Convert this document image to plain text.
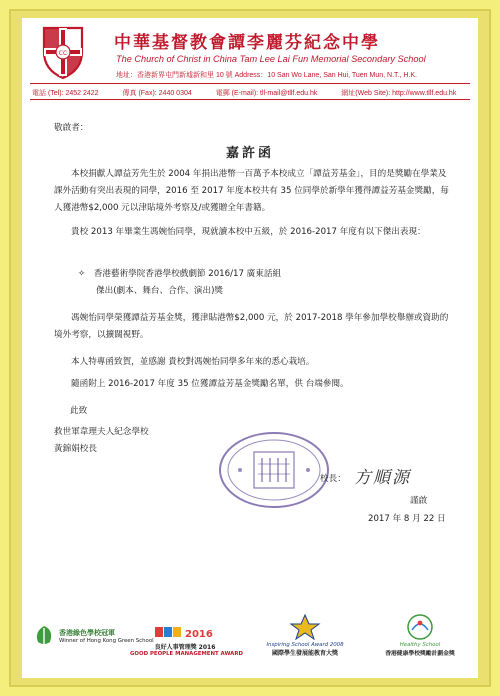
CC
中華基督教會譚李麗芬紀念中學
The Church of Christ in China Tam Lee Lai Fun Memorial Secondary School
地址：香港新界屯門新墟新和里 10 號 Address：10 San Wo Lane, San Hui, Tuen Mun, N.T., H.K.
電話 (Tel): 2452 2422	傳真 (Fax): 2440 0304	電郵 (E-mail): tll-mail@tllf.edu.hk	網址(Web Site): http://www.tllf.edu.hk
敬啟者：
嘉許函
本校捐獻人譚益芳先生於 2004 年捐出港幣一百萬予本校成立「譚益芳基金」，目的是獎勵在學業及課外活動有突出表現的同學，2016 至 2017 年度本校共有 35 位同學於新學年獲得譚益芳基金獎勵，每人獲港幣$2,000 元以津貼境外考察及/或獲贈全年書籍。
貴校 2013 年畢業生馮婉怡同學，現就讀本校中五級，於 2016-2017 年度有以下傑出表現：
✧　香港藝術學院香港學校戲劇節 2016/17 廣東話組
傑出(劇本、舞台、合作、演出)獎
馮婉怡同學榮獲譚益芳基金獎，獲津貼港幣$2,000 元，於 2017-2018 學年參加學校舉辦或資助的境外考察，以擴闊視野。
本人特專函致賀，並感謝 貴校對馮婉怡同學多年來的悉心栽培。
隨函附上 2016-2017 年度 35 位獲譚益芳基金獎勵名單，供 台端參閱。
此致
救世軍韋理夫人紀念學校
黃錦娟校長
校長： 方順源
謹啟
2017 年 8 月 22 日
香港綠色學校冠軍
Winner of Hong Kong Green School
2016
良好人事管理獎 2016
GOOD PEOPLE MANAGEMENT AWARD
Inspiring School Award 2008
國際學生發展能教育大獎
Healthy School
香港健康學校獎勵計劃金獎
